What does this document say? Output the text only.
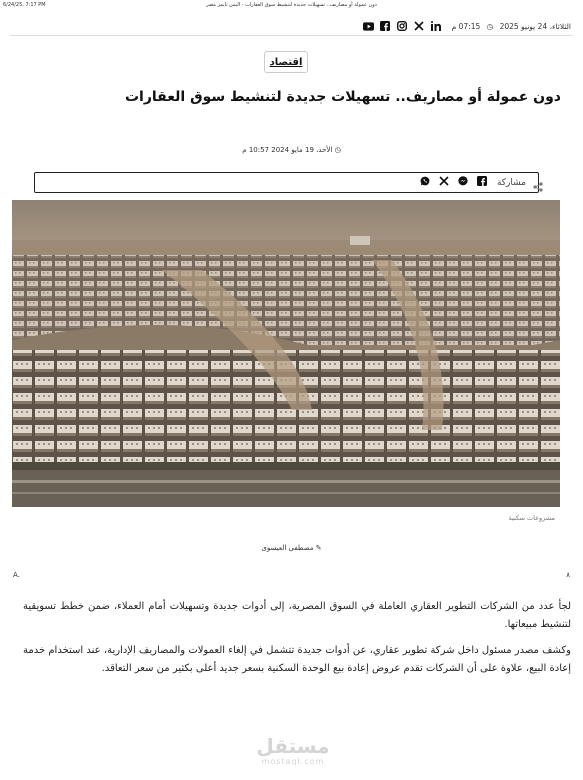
6/24/25, 7:17 PM	دون عمولة أو مصاريف.. تسهيلات جديدة لتنشيط سوق العقارات - اليمن تايمز مصر
الثلاثاء، 24 يونيو 2025 ◷ 07:15 م
اقتصاد
دون عمولة أو مصاريف.. تسهيلات جديدة لتنشيط سوق العقارات
◷ الأحد، 19 مايو 2024 10:57 م
مشاركة
مشروعات سكنية
✎ مصطفى العيسوى
A.	٨

لجأ عدد من الشركات التطوير العقاري العاملة في السوق المصرية، إلى أدوات جديدة وتسهيلات أمام العملاء، ضمن خطط تسويقية لتنشيط مبيعاتها.

وكشف مصدر مسئول داخل شركة تطوير عقاري، عن أدوات جديدة تتشمل في إلغاء العمولات والمصاريف الإدارية، عند استخدام خدمة إعادة البيع، علاوة على أن الشركات تقدم عروض إعادة بيع الوحدة السكنية بسعر جديد أعلى بكثير من سعر التعاقد.

مستقل
mostaql.com
